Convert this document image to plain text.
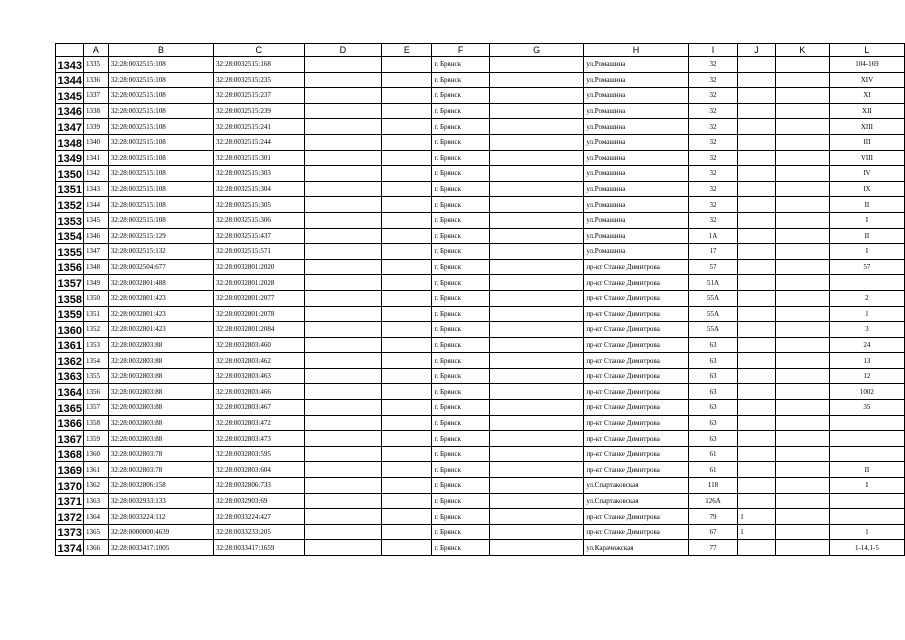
	A	B	C	D	E	F	G	H	I	J	K	L
1343	1335	32:28:0032515:108	32:28:0032515:168			г. Брянск		ул.Ромашина	32			104-169
1344	1336	32:28:0032515:108	32:28:0032515:235			г. Брянск		ул.Ромашина	32			XIV
1345	1337	32:28:0032515:108	32:28:0032515:237			г. Брянск		ул.Ромашина	32			XI
1346	1338	32:28:0032515:108	32:28:0032515:239			г. Брянск		ул.Ромашина	32			XII
1347	1339	32:28:0032515:108	32:28:0032515:241			г. Брянск		ул.Ромашина	32			XIII
1348	1340	32:28:0032515:108	32:28:0032515:244			г. Брянск		ул.Ромашина	32			III
1349	1341	32:28:0032515:108	32:28:0032515:301			г. Брянск		ул.Ромашина	32			VIII
1350	1342	32:28:0032515:108	32:28:0032515:303			г. Брянск		ул.Ромашина	32			IV
1351	1343	32:28:0032515:108	32:28:0032515:304			г. Брянск		ул.Ромашина	32			IX
1352	1344	32:28:0032515:108	32:28:0032515:305			г. Брянск		ул.Ромашина	32			II
1353	1345	32:28:0032515:108	32:28:0032515:306			г. Брянск		ул.Ромашина	32			I
1354	1346	32:28:0032515:129	32:28:0032515:437			г. Брянск		ул.Ромашина	1А			II
1355	1347	32:28:0032515:132	32:28:0032515:571			г. Брянск		ул.Ромашина	17			I
1356	1348	32:28:0032504:677	32:28:0032801:2020			г. Брянск		пр-кт Станке Димитрова	57			57
1357	1349	32:28:0032801:488	32:28:0032801:2028			г. Брянск		пр-кт Станке Димитрова	51А			
1358	1350	32:28:0032801:423	32:28:0032801:2077			г. Брянск		пр-кт Станке Димитрова	55А			2
1359	1351	32:28:0032801:423	32:28:0032801:2078			г. Брянск		пр-кт Станке Димитрова	55А			1
1360	1352	32:28:0032801:423	32:28:0032801:2084			г. Брянск		пр-кт Станке Димитрова	55А			3
1361	1353	32:28:0032803:88	32:28:0032803:460			г. Брянск		пр-кт Станке Димитрова	63			24
1362	1354	32:28:0032803:88	32:28:0032803:462			г. Брянск		пр-кт Станке Димитрова	63			13
1363	1355	32:28:0032803:88	32:28:0032803:463			г. Брянск		пр-кт Станке Димитрова	63			12
1364	1356	32:28:0032803:88	32:28:0032803:466			г. Брянск		пр-кт Станке Димитрова	63			1002
1365	1357	32:28:0032803:88	32:28:0032803:467			г. Брянск		пр-кт Станке Димитрова	63			35
1366	1358	32:28:0032803:88	32:28:0032803:472			г. Брянск		пр-кт Станке Димитрова	63			
1367	1359	32:28:0032803:88	32:28:0032803:473			г. Брянск		пр-кт Станке Димитрова	63			
1368	1360	32:28:0032803:78	32:28:0032803:595			г. Брянск		пр-кт Станке Димитрова	61			
1369	1361	32:28:0032803:78	32:28:0032803:604			г. Брянск		пр-кт Станке Димитрова	61			II
1370	1362	32:28:0032806:158	32:28:0032806:733			г. Брянск		ул.Спартаковская	118			I
1371	1363	32:28:0032933:133	32:28:0032903:69			г. Брянск		ул.Спартаковская	126А			
1372	1364	32:28:0033224:112	32:28:0033224:427			г. Брянск		пр-кт Станке Димитрова	79	1		
1373	1365	32:28:0000000:4639	32:28:0033233:205			г. Брянск		пр-кт Станке Димитрова	67	1		1
1374	1366	32:28:0033417:1005	32:28:0033417:1659			г. Брянск		ул.Карачижская	77			1-14,1-5
